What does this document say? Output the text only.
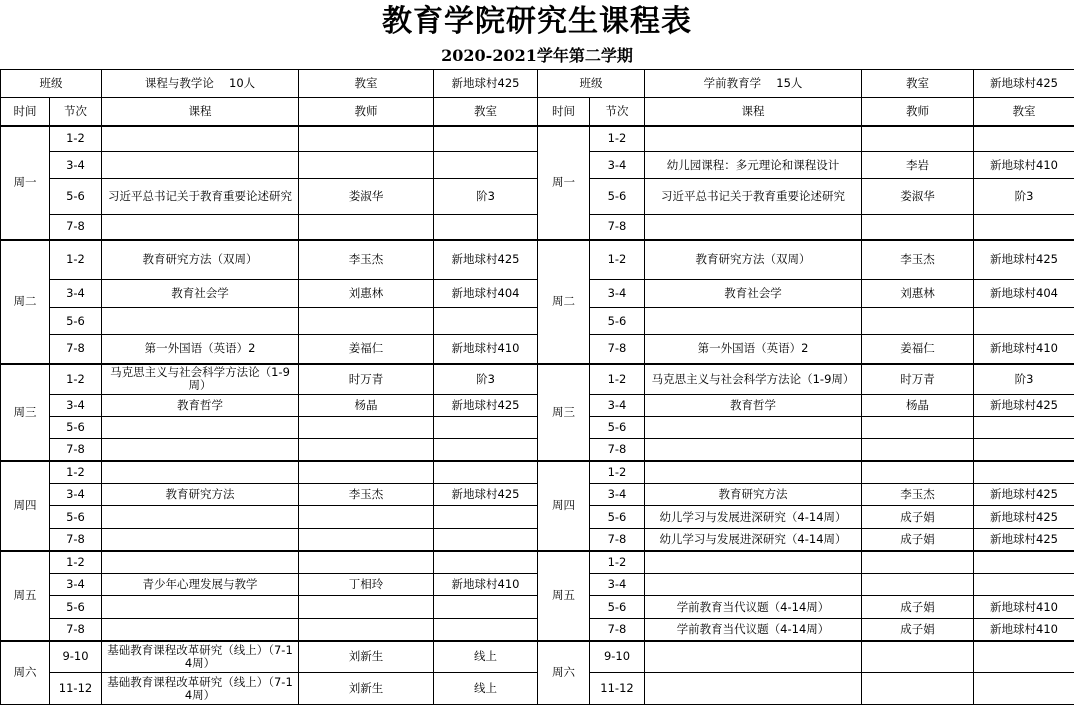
教育学院研究生课程表
2020-2021学年第二学期
班级		课程与教学论　 10人	教室	新地球村425	班级		学前教育学　 15人	教室	新地球村425
时间	节次	课程	教师	教室	时间	节次	课程	教师	教室
周一	1-2				周一	1-2			
	3-4					3-4	幼儿园课程：多元理论和课程设计	李岩	新地球村410
	5-6	习近平总书记关于教育重要论述研究	娄淑华	阶3		5-6	习近平总书记关于教育重要论述研究	娄淑华	阶3
	7-8					7-8			
周二	1-2	教育研究方法（双周）	李玉杰	新地球村425	周二	1-2	教育研究方法（双周）	李玉杰	新地球村425
	3-4	教育社会学	刘惠林	新地球村404		3-4	教育社会学	刘惠林	新地球村404
	5-6					5-6			
	7-8	第一外国语（英语）2	姜福仁	新地球村410		7-8	第一外国语（英语）2	姜福仁	新地球村410
周三	1-2	马克思主义与社会科学方法论（1-9周）	时万青	阶3	周三	1-2	马克思主义与社会科学方法论（1-9周）	时万青	阶3
	3-4	教育哲学	杨晶	新地球村425		3-4	教育哲学	杨晶	新地球村425
	5-6					5-6			
	7-8					7-8			
周四	1-2				周四	1-2			
	3-4	教育研究方法	李玉杰	新地球村425		3-4	教育研究方法	李玉杰	新地球村425
	5-6					5-6	幼儿学习与发展进深研究（4-14周）	成子娟	新地球村425
	7-8					7-8	幼儿学习与发展进深研究（4-14周）	成子娟	新地球村425
周五	1-2				周五	1-2			
	3-4	青少年心理发展与教学	丁相玲	新地球村410		3-4			
	5-6					5-6	学前教育当代议题（4-14周）	成子娟	新地球村410
	7-8					7-8	学前教育当代议题（4-14周）	成子娟	新地球村410
周六	9-10	基础教育课程改革研究（线上）（7-14周）	刘新生	线上	周六	9-10			
	11-12	基础教育课程改革研究（线上）（7-14周）	刘新生	线上		11-12			
